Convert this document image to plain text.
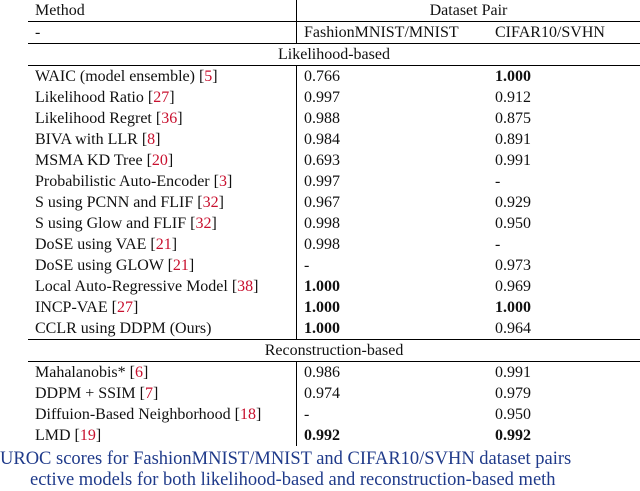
Method	Dataset Pair	
-	FashionMNIST/MNIST	CIFAR10/SVHN
Likelihood-based		
WAIC (model ensemble) [5]	0.766	1.000
Likelihood Ratio [27]	0.997	0.912
Likelihood Regret [36]	0.988	0.875
BIVA with LLR [8]	0.984	0.891
MSMA KD Tree [20]	0.693	0.991
Probabilistic Auto-Encoder [3]	0.997	-
S using PCNN and FLIF [32]	0.967	0.929
S using Glow and FLIF [32]	0.998	0.950
DoSE using VAE [21]	0.998	-
DoSE using GLOW [21]	-	0.973
Local Auto-Regressive Model [38]	1.000	0.969
INCP-VAE [27]	1.000	1.000
CCLR using DDPM (Ours)	1.000	0.964
Reconstruction-based		
Mahalanobis* [6]	0.986	0.991
DDPM + SSIM [7]	0.974	0.979
Diffuion-Based Neighborhood [18]	-	0.950
LMD [19]	0.992	0.992
UROC scores for FashionMNIST/MNIST and CIFAR10/SVHN dataset pairs
ective models for both likelihood-based and reconstruction-based meth
